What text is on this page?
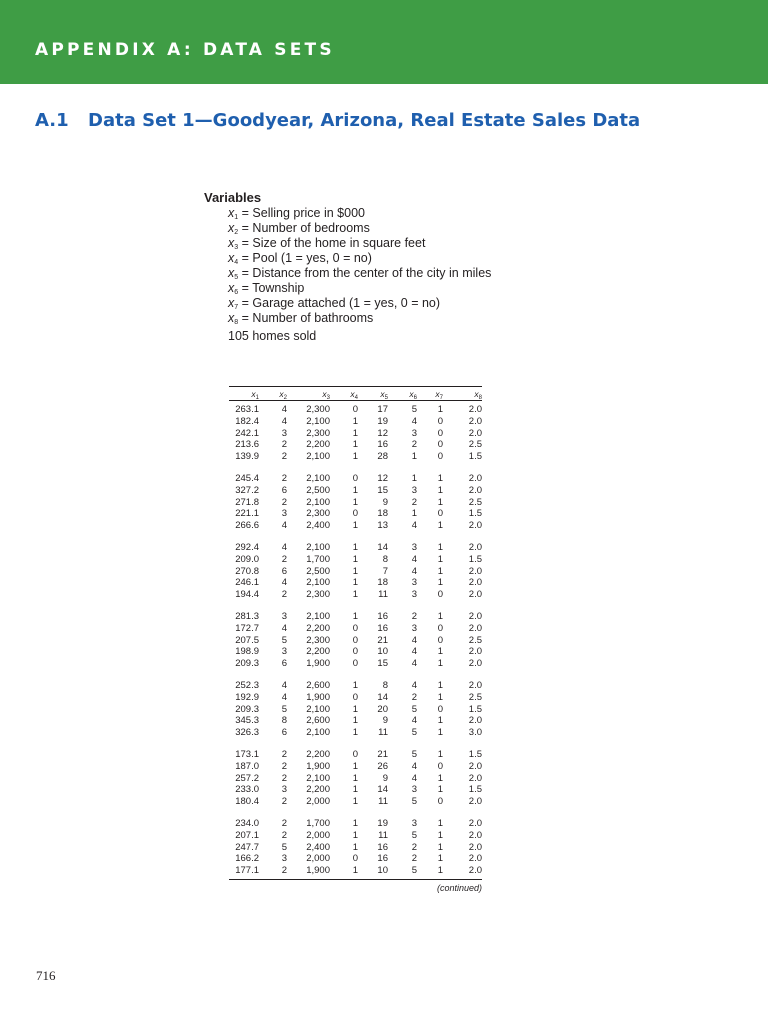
APPENDIX A: DATA SETS
A.1 Data Set 1—Goodyear, Arizona, Real Estate Sales Data
Variables
x1 = Selling price in $000
x2 = Number of bedrooms
x3 = Size of the home in square feet
x4 = Pool (1 = yes, 0 = no)
x5 = Distance from the center of the city in miles
x6 = Township
x7 = Garage attached (1 = yes, 0 = no)
x8 = Number of bathrooms
105 homes sold
$x_1$	$x_2$	$x_3$	$x_4$	$x_5$	$x_6$	$x_7$	$x_8$
263.1	4	2,300	0	17	5	1	2.0
182.4	4	2,100	1	19	4	0	2.0
242.1	3	2,300	1	12	3	0	2.0
213.6	2	2,200	1	16	2	0	2.5
139.9	2	2,100	1	28	1	0	1.5
245.4	2	2,100	0	12	1	1	2.0
327.2	6	2,500	1	15	3	1	2.0
271.8	2	2,100	1	9	2	1	2.5
221.1	3	2,300	0	18	1	0	1.5
266.6	4	2,400	1	13	4	1	2.0
292.4	4	2,100	1	14	3	1	2.0
209.0	2	1,700	1	8	4	1	1.5
270.8	6	2,500	1	7	4	1	2.0
246.1	4	2,100	1	18	3	1	2.0
194.4	2	2,300	1	11	3	0	2.0
281.3	3	2,100	1	16	2	1	2.0
172.7	4	2,200	0	16	3	0	2.0
207.5	5	2,300	0	21	4	0	2.5
198.9	3	2,200	0	10	4	1	2.0
209.3	6	1,900	0	15	4	1	2.0
252.3	4	2,600	1	8	4	1	2.0
192.9	4	1,900	0	14	2	1	2.5
209.3	5	2,100	1	20	5	0	1.5
345.3	8	2,600	1	9	4	1	2.0
326.3	6	2,100	1	11	5	1	3.0
173.1	2	2,200	0	21	5	1	1.5
187.0	2	1,900	1	26	4	0	2.0
257.2	2	2,100	1	9	4	1	2.0
233.0	3	2,200	1	14	3	1	1.5
180.4	2	2,000	1	11	5	0	2.0
234.0	2	1,700	1	19	3	1	2.0
207.1	2	2,000	1	11	5	1	2.0
247.7	5	2,400	1	16	2	1	2.0
166.2	3	2,000	0	16	2	1	2.0
177.1	2	1,900	1	10	5	1	2.0
(continued)
716
